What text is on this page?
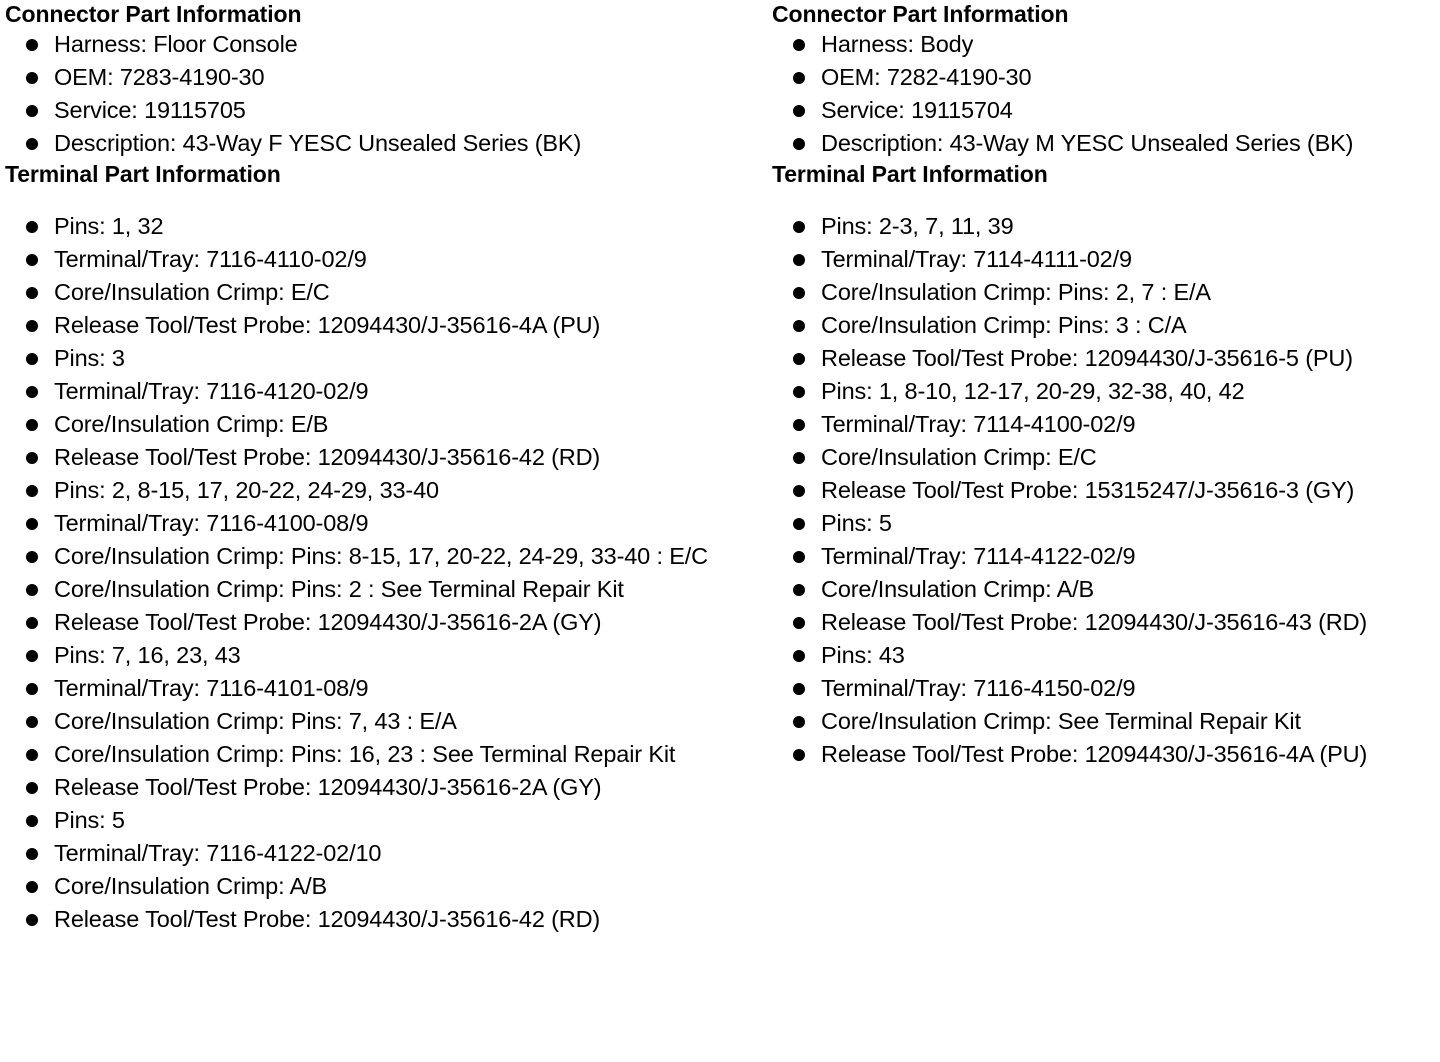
Connector Part Information
Harness: Floor Console
OEM: 7283-4190-30
Service: 19115705
Description: 43-Way F YESC Unsealed Series (BK)
Terminal Part Information
Pins: 1, 32
Terminal/Tray: 7116-4110-02/9
Core/Insulation Crimp: E/C
Release Tool/Test Probe: 12094430/J-35616-4A (PU)
Pins: 3
Terminal/Tray: 7116-4120-02/9
Core/Insulation Crimp: E/B
Release Tool/Test Probe: 12094430/J-35616-42 (RD)
Pins: 2, 8-15, 17, 20-22, 24-29, 33-40
Terminal/Tray: 7116-4100-08/9
Core/Insulation Crimp: Pins: 8-15, 17, 20-22, 24-29, 33-40 : E/C
Core/Insulation Crimp: Pins: 2 : See Terminal Repair Kit
Release Tool/Test Probe: 12094430/J-35616-2A (GY)
Pins: 7, 16, 23, 43
Terminal/Tray: 7116-4101-08/9
Core/Insulation Crimp: Pins: 7, 43 : E/A
Core/Insulation Crimp: Pins: 16, 23 : See Terminal Repair Kit
Release Tool/Test Probe: 12094430/J-35616-2A (GY)
Pins: 5
Terminal/Tray: 7116-4122-02/10
Core/Insulation Crimp: A/B
Release Tool/Test Probe: 12094430/J-35616-42 (RD)
Connector Part Information
Harness: Body
OEM: 7282-4190-30
Service: 19115704
Description: 43-Way M YESC Unsealed Series (BK)
Terminal Part Information
Pins: 2-3, 7, 11, 39
Terminal/Tray: 7114-4111-02/9
Core/Insulation Crimp: Pins: 2, 7 : E/A
Core/Insulation Crimp: Pins: 3 : C/A
Release Tool/Test Probe: 12094430/J-35616-5 (PU)
Pins: 1, 8-10, 12-17, 20-29, 32-38, 40, 42
Terminal/Tray: 7114-4100-02/9
Core/Insulation Crimp: E/C
Release Tool/Test Probe: 15315247/J-35616-3 (GY)
Pins: 5
Terminal/Tray: 7114-4122-02/9
Core/Insulation Crimp: A/B
Release Tool/Test Probe: 12094430/J-35616-43 (RD)
Pins: 43
Terminal/Tray: 7116-4150-02/9
Core/Insulation Crimp: See Terminal Repair Kit
Release Tool/Test Probe: 12094430/J-35616-4A (PU)
